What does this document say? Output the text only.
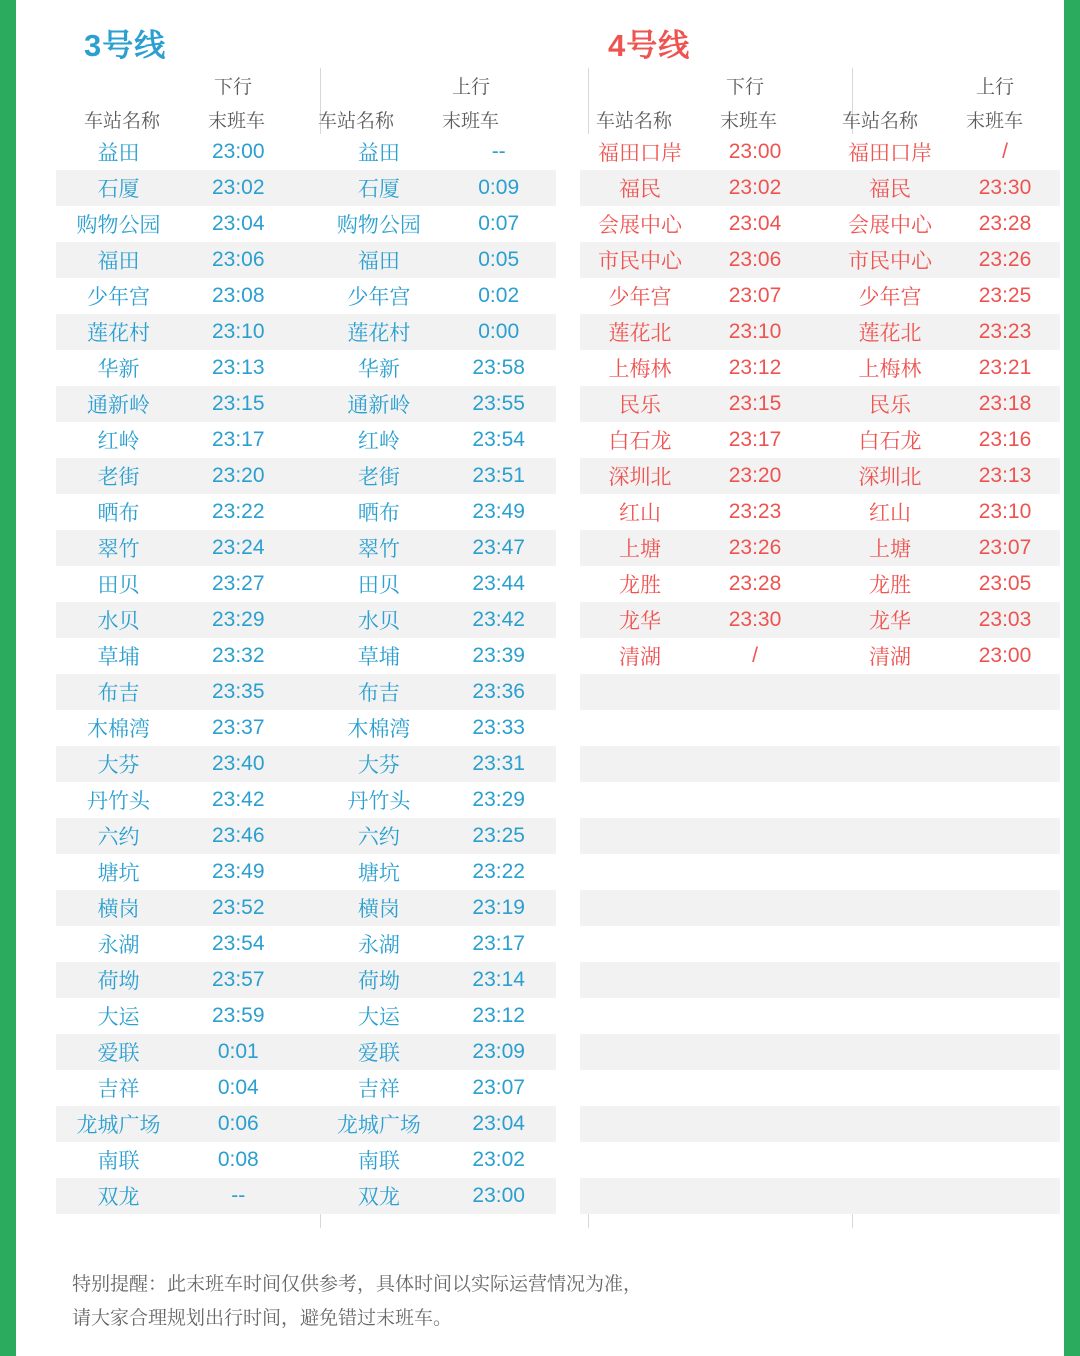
3号线
下行
车站名称	末班车
上行
车站名称	末班车
益田	23:00		益田	--
石厦	23:02		石厦	0:09
购物公园	23:04		购物公园	0:07
福田	23:06		福田	0:05
少年宫	23:08		少年宫	0:02
莲花村	23:10		莲花村	0:00
华新	23:13		华新	23:58
通新岭	23:15		通新岭	23:55
红岭	23:17		红岭	23:54
老街	23:20		老街	23:51
晒布	23:22		晒布	23:49
翠竹	23:24		翠竹	23:47
田贝	23:27		田贝	23:44
水贝	23:29		水贝	23:42
草埔	23:32		草埔	23:39
布吉	23:35		布吉	23:36
木棉湾	23:37		木棉湾	23:33
大芬	23:40		大芬	23:31
丹竹头	23:42		丹竹头	23:29
六约	23:46		六约	23:25
塘坑	23:49		塘坑	23:22
横岗	23:52		横岗	23:19
永湖	23:54		永湖	23:17
荷坳	23:57		荷坳	23:14
大运	23:59		大运	23:12
爱联	0:01		爱联	23:09
吉祥	0:04		吉祥	23:07
龙城广场	0:06		龙城广场	23:04
南联	0:08		南联	23:02
双龙	--		双龙	23:00
4号线
下行
车站名称	末班车
上行
车站名称	末班车
福田口岸	23:00		福田口岸	/
福民	23:02		福民	23:30
会展中心	23:04		会展中心	23:28
市民中心	23:06		市民中心	23:26
少年宫	23:07		少年宫	23:25
莲花北	23:10		莲花北	23:23
上梅林	23:12		上梅林	23:21
民乐	23:15		民乐	23:18
白石龙	23:17		白石龙	23:16
深圳北	23:20		深圳北	23:13
红山	23:23		红山	23:10
上塘	23:26		上塘	23:07
龙胜	23:28		龙胜	23:05
龙华	23:30		龙华	23:03
清湖	/		清湖	23:00

特别提醒：此末班车时间仅供参考，具体时间以实际运营情况为准，
请大家合理规划出行时间，避免错过末班车。
